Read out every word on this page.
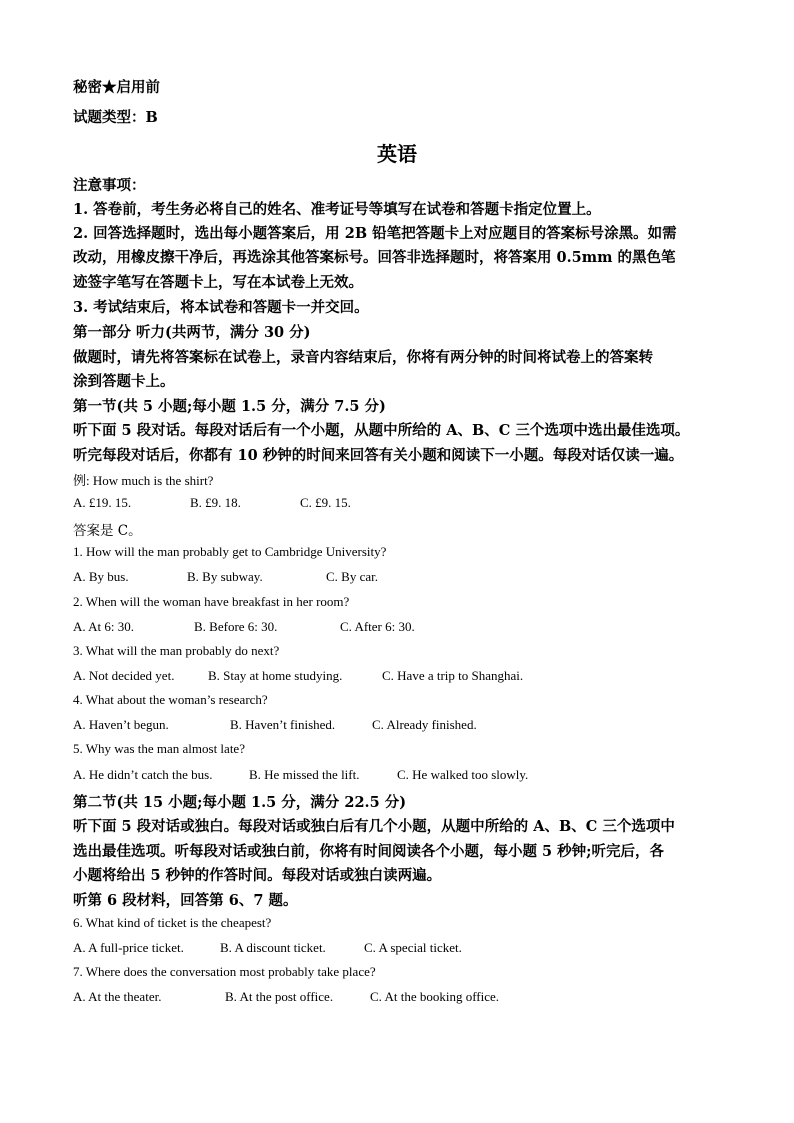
秘密★启用前
试题类型：B
英语
注意事项：
1. 答卷前，考生务必将自己的姓名、准考证号等填写在试卷和答题卡指定位置上。
2. 回答选择题时，选出每小题答案后，用 2B 铅笔把答题卡上对应题目的答案标号涂黑。如需
改动，用橡皮擦干净后，再选涂其他答案标号。回答非选择题时，将答案用 0.5mm 的黑色笔
迹签字笔写在答题卡上，写在本试卷上无效。
3. 考试结束后，将本试卷和答题卡一并交回。
第一部分 听力(共两节，满分 30 分)
做题时，请先将答案标在试卷上，录音内容结束后，你将有两分钟的时间将试卷上的答案转
涂到答题卡上。
第一节(共 5 小题;每小题 1.5 分，满分 7.5 分)
听下面 5 段对话。每段对话后有一个小题，从题中所给的 A、B、C 三个选项中选出最佳选项。
听完每段对话后，你都有 10 秒钟的时间来回答有关小题和阅读下一小题。每段对话仅读一遍。
例: How much is the shirt?
A. £19. 15.	B. £9. 18.	C. £9. 15.
答案是 C。
1. How will the man probably get to Cambridge University?
A. By bus.	B. By subway.	C. By car.
2. When will the woman have breakfast in her room?
A. At 6: 30.	B. Before 6: 30.	C. After 6: 30.
3. What will the man probably do next?
A. Not decided yet.	B. Stay at home studying.	C. Have a trip to Shanghai.
4. What about the woman’s research?
A. Haven’t begun.	B. Haven’t finished.	C. Already finished.
5. Why was the man almost late?
A. He didn’t catch the bus.	B. He missed the lift.	C. He walked too slowly.
第二节(共 15 小题;每小题 1.5 分，满分 22.5 分)
听下面 5 段对话或独白。每段对话或独白后有几个小题，从题中所给的 A、B、C 三个选项中
选出最佳选项。听每段对话或独白前，你将有时间阅读各个小题，每小题 5 秒钟;听完后，各
小题将给出 5 秒钟的作答时间。每段对话或独白读两遍。
听第 6 段材料，回答第 6、7 题。
6. What kind of ticket is the cheapest?
A. A full-price ticket.	B. A discount ticket.	C. A special ticket.
7. Where does the conversation most probably take place?
A. At the theater.	B. At the post office.	C. At the booking office.
